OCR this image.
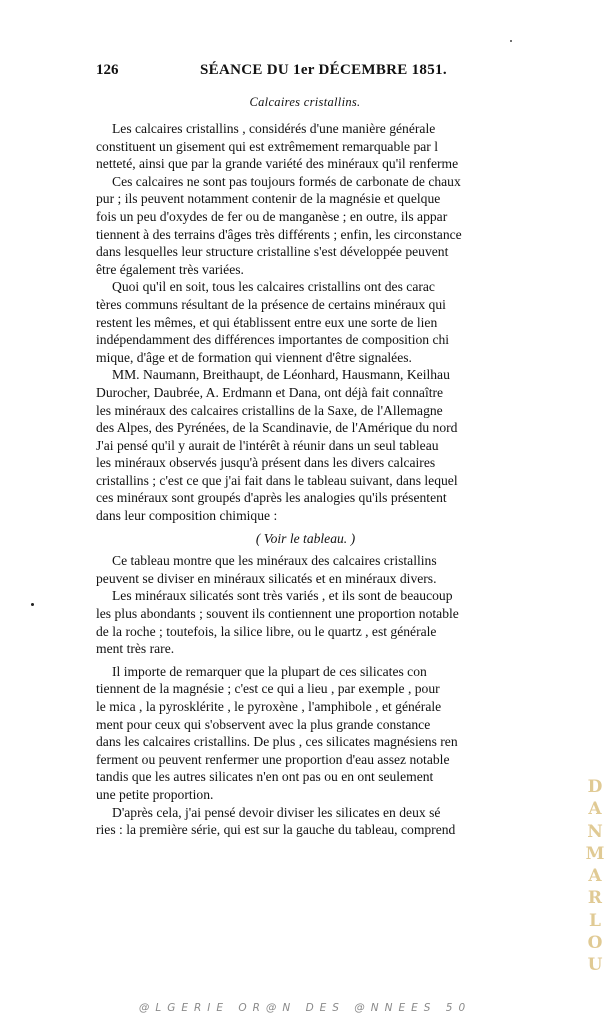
126	SÉANCE DU 1er DÉCEMBRE 1851.
Calcaires cristallins.
Les calcaires cristallins , considérés d'une manière générale
constituent un gisement qui est extrêmement remarquable par l
netteté, ainsi que par la grande variété des minéraux qu'il renferme
Ces calcaires ne sont pas toujours formés de carbonate de chaux
pur ; ils peuvent notamment contenir de la magnésie et quelque
fois un peu d'oxydes de fer ou de manganèse ; en outre, ils appar
tiennent à des terrains d'âges très différents ; enfin, les circonstance
dans lesquelles leur structure cristalline s'est développée peuvent
être également très variées.
Quoi qu'il en soit, tous les calcaires cristallins ont des carac
tères communs résultant de la présence de certains minéraux qui
restent les mêmes, et qui établissent entre eux une sorte de lien
indépendamment des différences importantes de composition chi
mique, d'âge et de formation qui viennent d'être signalées.
MM. Naumann, Breithaupt, de Léonhard, Hausmann, Keilhau
Durocher, Daubrée, A. Erdmann et Dana, ont déjà fait connaître
les minéraux des calcaires cristallins de la Saxe, de l'Allemagne
des Alpes, des Pyrénées, de la Scandinavie, de l'Amérique du nord
J'ai pensé qu'il y aurait de l'intérêt à réunir dans un seul tableau
les minéraux observés jusqu'à présent dans les divers calcaires
cristallins ; c'est ce que j'ai fait dans le tableau suivant, dans lequel
ces minéraux sont groupés d'après les analogies qu'ils présentent
dans leur composition chimique :
( Voir le tableau. )
Ce tableau montre que les minéraux des calcaires cristallins
peuvent se diviser en minéraux silicatés et en minéraux divers.
Les minéraux silicatés sont très variés , et ils sont de beaucoup
les plus abondants ; souvent ils contiennent une proportion notable
de la roche ; toutefois, la silice libre, ou le quartz , est générale
ment très rare.
Il importe de remarquer que la plupart de ces silicates con
tiennent de la magnésie ; c'est ce qui a lieu , par exemple , pour
le mica , la pyrosklérite , le pyroxène , l'amphibole , et générale
ment pour ceux qui s'observent avec la plus grande constance
dans les calcaires cristallins. De plus , ces silicates magnésiens ren
ferment ou peuvent renfermer une proportion d'eau assez notable
tandis que les autres silicates n'en ont pas ou en ont seulement
une petite proportion.
D'après cela, j'ai pensé devoir diviser les silicates en deux sé
ries : la première série, qui est sur la gauche du tableau, comprend
D
A
N
M
A
R
L
O
U
@LGERIE OR@N DES @NNEES 50
